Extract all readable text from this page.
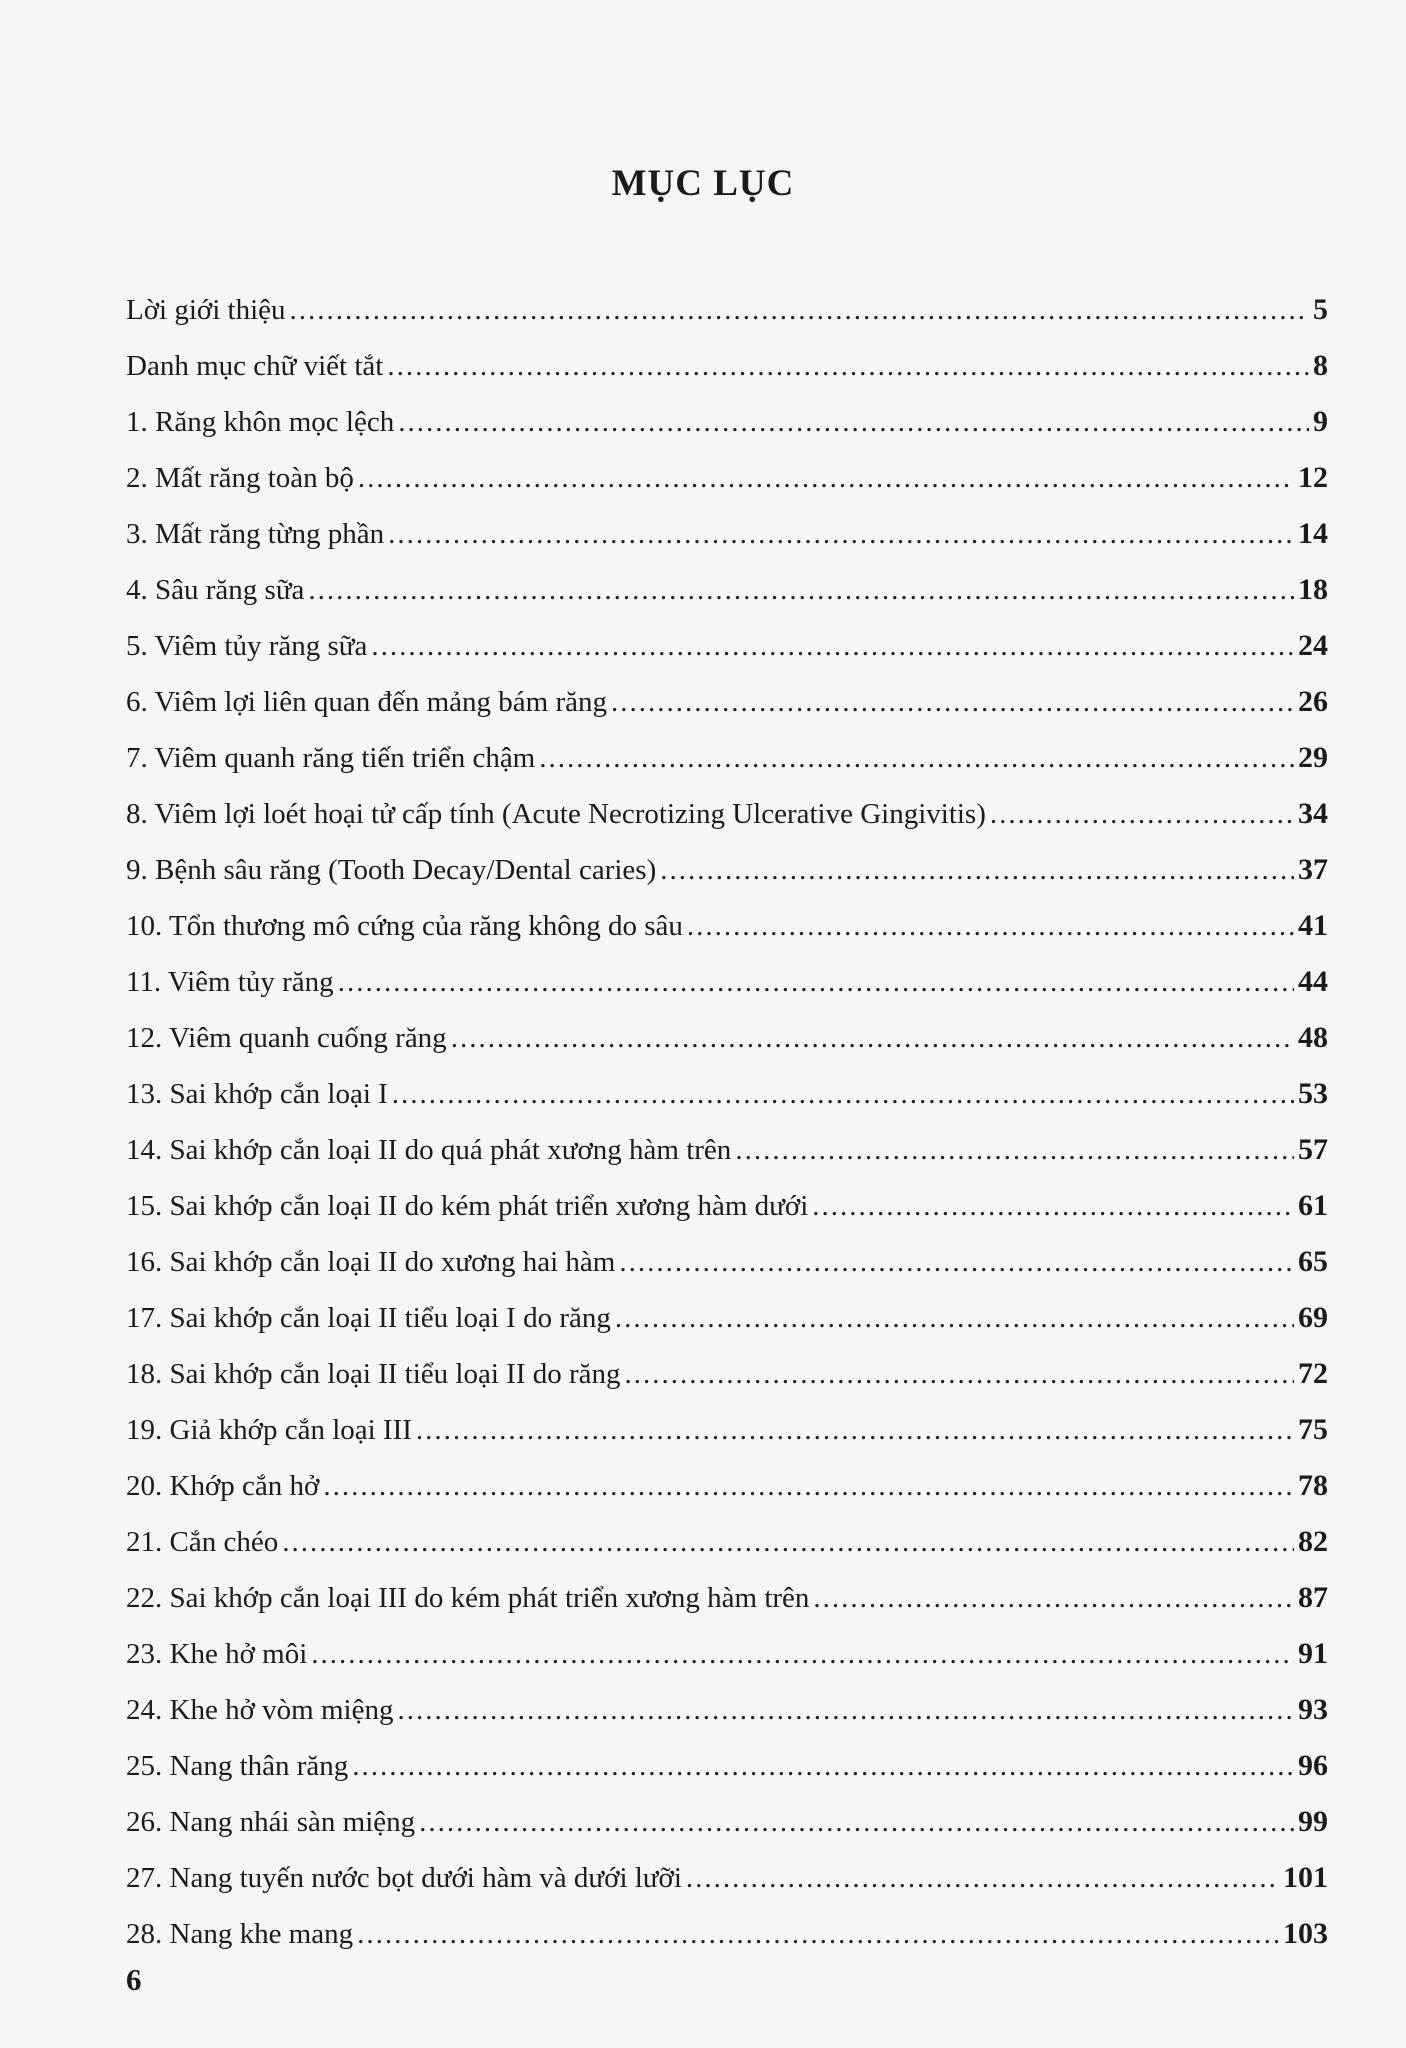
MỤC LỤC
Lời giới thiệu .....	5
Danh mục chữ viết tắt .....	8
1. Răng khôn mọc lệch .....	9
2. Mất răng toàn bộ .....	12
3. Mất răng từng phần .....	14
4. Sâu răng sữa .....	18
5. Viêm tủy răng sữa .....	24
6. Viêm lợi liên quan đến mảng bám răng .....	26
7. Viêm quanh răng tiến triển chậm .....	29
8. Viêm lợi loét hoại tử cấp tính (Acute Necrotizing Ulcerative Gingivitis) .....	34
9. Bệnh sâu răng (Tooth Decay/Dental caries) .....	37
10. Tổn thương mô cứng của răng không do sâu .....	41
11. Viêm tủy răng .....	44
12. Viêm quanh cuống răng .....	48
13. Sai khớp cắn loại I .....	53
14. Sai khớp cắn loại II do quá phát xương hàm trên .....	57
15. Sai khớp cắn loại II do kém phát triển xương hàm dưới .....	61
16. Sai khớp cắn loại II do xương hai hàm .....	65
17. Sai khớp cắn loại II tiểu loại I do răng .....	69
18. Sai khớp cắn loại II tiểu loại II do răng .....	72
19. Giả khớp cắn loại III .....	75
20. Khớp cắn hở .....	78
21. Cắn chéo .....	82
22. Sai khớp cắn loại III do kém phát triển xương hàm trên .....	87
23. Khe hở môi .....	91
24. Khe hở vòm miệng .....	93
25. Nang thân răng .....	96
26. Nang nhái sàn miệng .....	99
27. Nang tuyến nước bọt dưới hàm và dưới lưỡi .....	101
28. Nang khe mang .....	103
6
